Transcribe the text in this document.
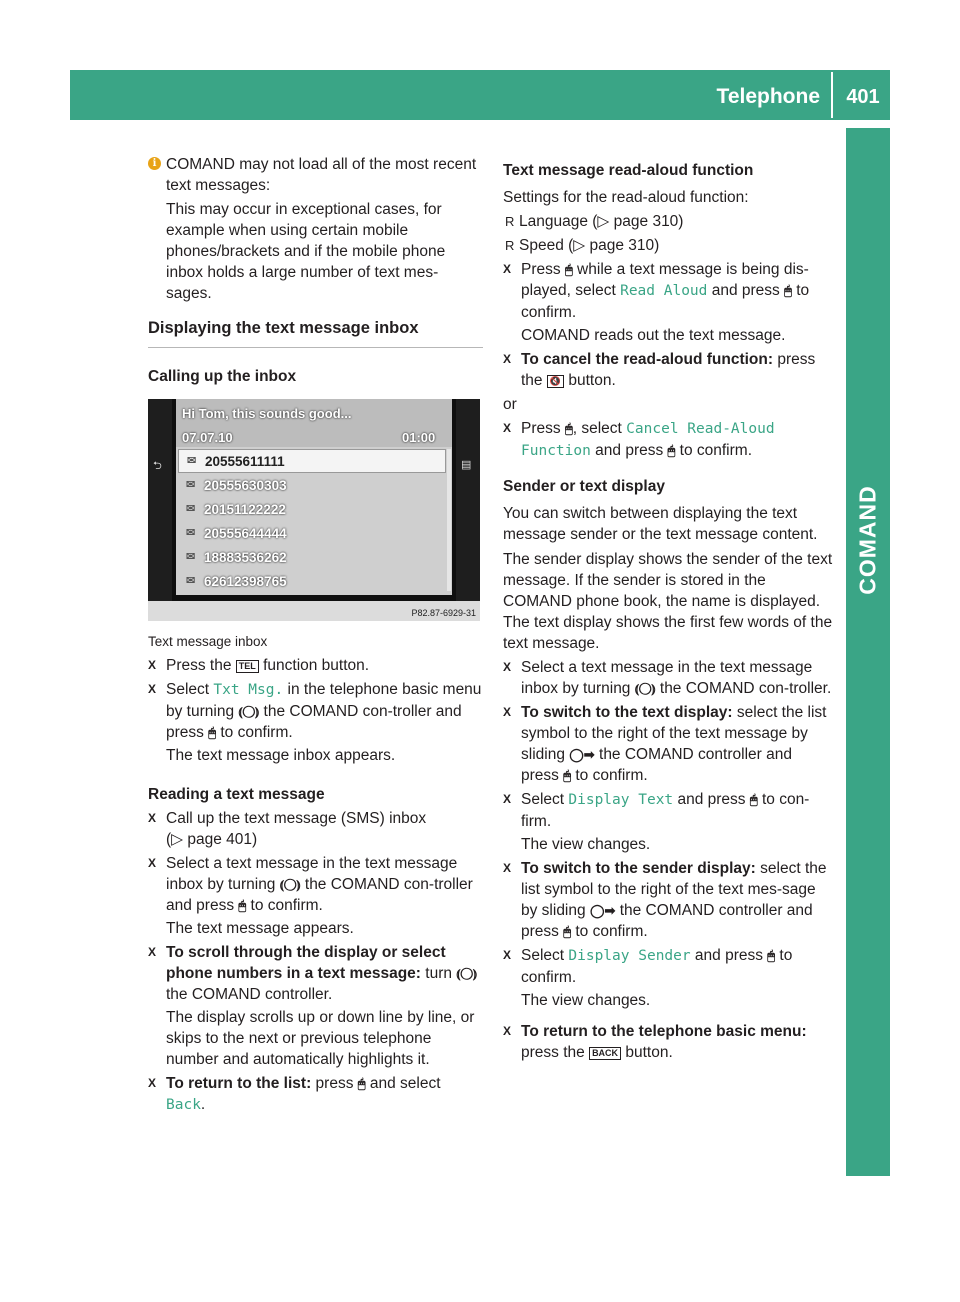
Telephone	401
COMAND
i COMAND may not load all of the most recent text messages:
This may occur in exceptional cases, for example when using certain mobile phones/brackets and if the mobile phone inbox holds a large number of text mes-sages.
Displaying the text message inbox
Calling up the inbox
Hi Tom, this sounds good...
07.07.10	01:00
⮌	▤
✉ 20555611111
✉ 20555630303
✉ 20151122222
✉ 20555644444
✉ 18883536262
✉ 62612398765
P82.87-6929-31
Text message inbox
X Press the TEL function button.
X Select Txt Msg. in the telephone basic menu by turning ⦅◯⦆ the COMAND con-troller and press 🖱 to confirm.
The text message inbox appears.
Reading a text message
X Call up the text message (SMS) inbox
(▷ page 401)
X Select a text message in the text message inbox by turning ⦅◯⦆ the COMAND con-troller and press 🖱 to confirm.
The text message appears.
X To scroll through the display or select phone numbers in a text message: turn ⦅◯⦆ the COMAND controller.
The display scrolls up or down line by line, or skips to the next or previous telephone number and automatically highlights it.
X To return to the list: press 🖱 and select Back.
Text message read-aloud function
Settings for the read-aloud function:
R Language (▷ page 310)
R Speed (▷ page 310)
X Press 🖱 while a text message is being dis-played, select Read Aloud and press 🖱 to confirm.
COMAND reads out the text message.
X To cancel the read-aloud function: press the 🔇 button.
or
X Press 🖱, select Cancel Read-Aloud
Function and press 🖱 to confirm.
Sender or text display
You can switch between displaying the text message sender or the text message content.
The sender display shows the sender of the text message. If the sender is stored in the COMAND phone book, the name is displayed. The text display shows the first few words of the text message.
X Select a text message in the text message inbox by turning ⦅◯⦆ the COMAND con-troller.
X To switch to the text display: select the list symbol to the right of the text message by sliding ◯➡ the COMAND controller and press 🖱 to confirm.
X Select Display Text and press 🖱 to con-firm.
The view changes.
X To switch to the sender display: select the list symbol to the right of the text mes-sage by sliding ◯➡ the COMAND controller and press 🖱 to confirm.
X Select Display Sender and press 🖱 to confirm.
The view changes.
X To return to the telephone basic menu: press the BACK button.
